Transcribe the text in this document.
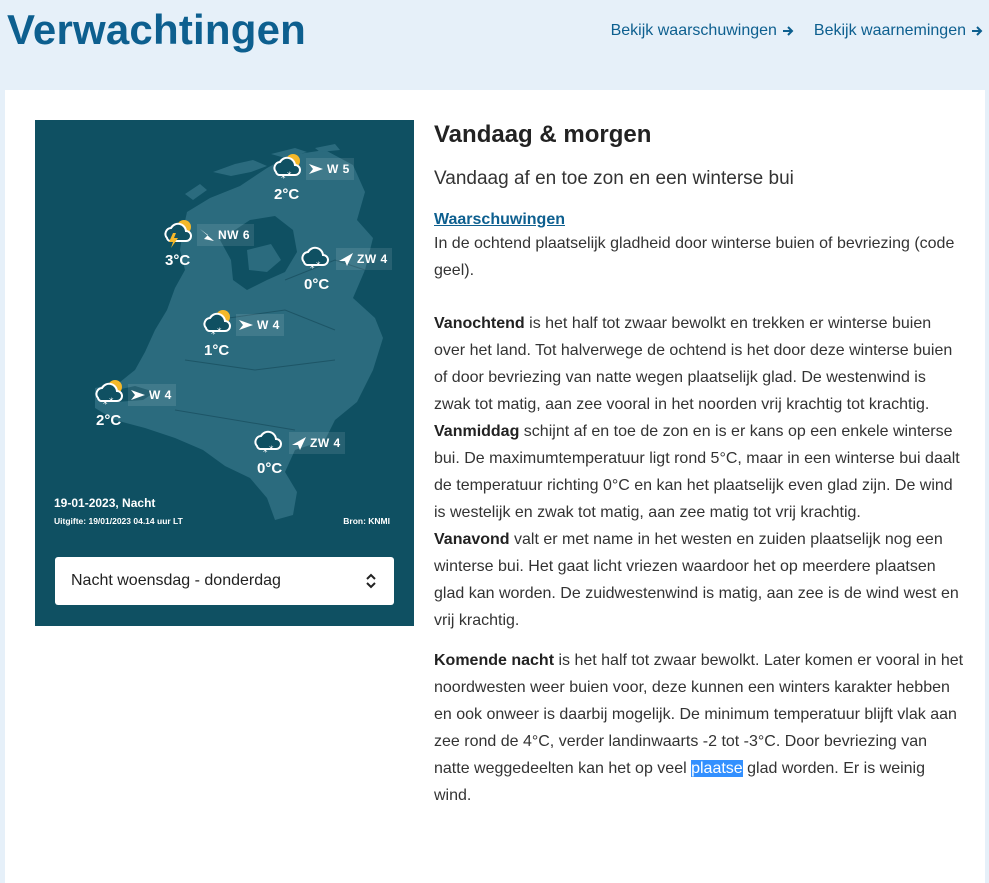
Verwachtingen	Bekijk waarschuwingen Bekijk waarnemingen
* *	W 5
2°C
NW 6
3°C	* *	ZW 4
0°C
* *	W 4
1°C
* *	W 4
2°C
* *	ZW 4
0°C
19-01-2023, Nacht
Uitgifte: 19/01/2023 04.14 uur LT	Bron: KNMI
Nacht woensdag - donderdag
Vandaag & morgen
Vandaag af en toe zon en een winterse bui
Waarschuwingen

In de ochtend plaatselijk gladheid door winterse buien of bevriezing (code geel).

Vanochtend is het half tot zwaar bewolkt en trekken er winterse buien over het land. Tot halverwege de ochtend is het door deze winterse buien of door bevriezing van natte wegen plaatselijk glad. De westenwind is zwak tot matig, aan zee vooral in het noorden vrij krachtig tot krachtig.

Vanmiddag schijnt af en toe de zon en is er kans op een enkele winterse bui. De maximumtemperatuur ligt rond 5°C, maar in een winterse bui daalt de temperatuur richting 0°C en kan het plaatselijk even glad zijn. De wind is westelijk en zwak tot matig, aan zee matig tot vrij krachtig.

Vanavond valt er met name in het westen en zuiden plaatselijk nog een winterse bui. Het gaat licht vriezen waardoor het op meerdere plaatsen glad kan worden. De zuidwestenwind is matig, aan zee is de wind west en vrij krachtig.

Komende nacht is het half tot zwaar bewolkt. Later komen er vooral in het noordwesten weer buien voor, deze kunnen een winters karakter hebben en ook onweer is daarbij mogelijk. De minimum temperatuur blijft vlak aan zee rond de 4°C, verder landinwaarts -2 tot -3°C. Door bevriezing van natte weggedeelten kan het op veel plaatse glad worden. Er is weinig wind.
